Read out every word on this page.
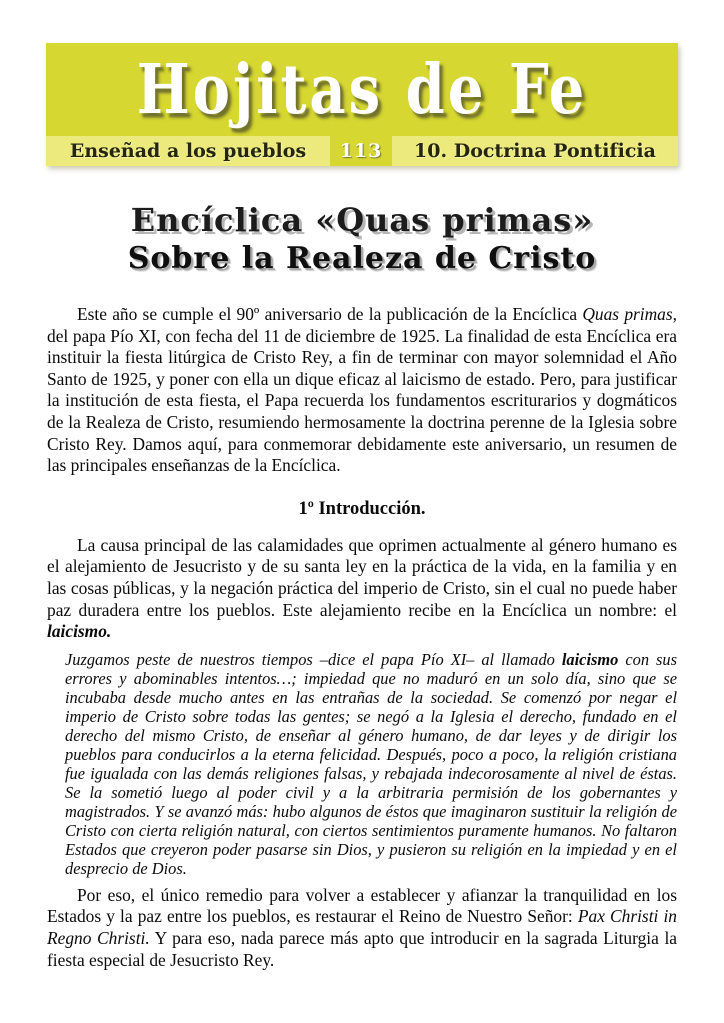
Hojitas de Fe
Enseñad a los pueblos	113	10. Doctrina Pontificia
Encíclica «Quas primas»
Sobre la Realeza de Cristo

Este año se cumple el 90º aniversario de la publicación de la Encíclica Quas primas, del papa Pío XI, con fecha del 11 de diciembre de 1925. La finalidad de esta Encíclica era instituir la fiesta litúrgica de Cristo Rey, a fin de terminar con mayor solemnidad el Año Santo de 1925, y poner con ella un dique eficaz al laicismo de estado. Pero, para justificar la institución de esta fiesta, el Papa recuerda los fundamentos escriturarios y dogmáticos de la Realeza de Cristo, resumiendo hermosamente la doctrina perenne de la Iglesia sobre Cristo Rey. Damos aquí, para conmemorar debidamente este aniversario, un resumen de las principales enseñanzas de la Encíclica.

1º Introducción.

La causa principal de las calamidades que oprimen actualmente al género humano es el alejamiento de Jesucristo y de su santa ley en la práctica de la vida, en la familia y en las cosas públicas, y la negación práctica del imperio de Cristo, sin el cual no puede haber paz duradera entre los pueblos. Este alejamiento recibe en la Encíclica un nombre: el laicismo.

Juzgamos peste de nuestros tiempos –dice el papa Pío XI– al llamado laicismo con sus errores y abominables intentos…; impiedad que no maduró en un solo día, sino que se incubaba desde mucho antes en las entrañas de la sociedad. Se comenzó por negar el imperio de Cristo sobre todas las gentes; se negó a la Iglesia el derecho, fundado en el derecho del mismo Cristo, de enseñar al género humano, de dar leyes y de dirigir los pueblos para conducirlos a la eterna felicidad. Después, poco a poco, la religión cristiana fue igualada con las demás religiones falsas, y rebajada indecorosamente al nivel de éstas. Se la sometió luego al poder civil y a la arbitraria permisión de los gobernantes y magistrados. Y se avanzó más: hubo algunos de éstos que imaginaron sustituir la religión de Cristo con cierta religión natural, con ciertos sentimientos puramente humanos. No faltaron Estados que creyeron poder pasarse sin Dios, y pusieron su religión en la impiedad y en el desprecio de Dios.

Por eso, el único remedio para volver a establecer y afianzar la tranquilidad en los Estados y la paz entre los pueblos, es restaurar el Reino de Nuestro Señor: Pax Christi in Regno Christi. Y para eso, nada parece más apto que introducir en la sagrada Liturgia la fiesta especial de Jesucristo Rey.
